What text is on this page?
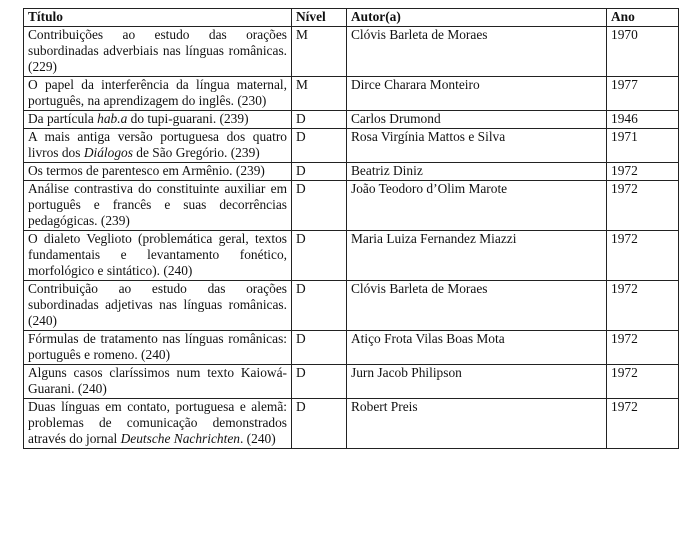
Título	Nível	Autor(a)	Ano
Contribuições ao estudo das orações subordinadas adverbiais nas línguas românicas. (229)	M	Clóvis Barleta de Moraes	1970
O papel da interferência da língua maternal, português, na aprendizagem do inglês. (230)	M	Dirce Charara Monteiro	1977
Da partícula hab.a do tupi-guarani. (239)	D	Carlos Drumond	1946
A mais antiga versão portuguesa dos quatro livros dos Diálogos de São Gregório. (239)	D	Rosa Virgínia Mattos e Silva	1971
Os termos de parentesco em Armênio. (239)	D	Beatriz Diniz	1972
Análise contrastiva do constituinte auxiliar em português e francês e suas decorrências pedagógicas. (239)	D	João Teodoro d’Olim Marote	1972
O dialeto Veglioto (problemática geral, textos fundamentais e levantamento fonético, morfológico e sintático). (240)	D	Maria Luiza Fernandez Miazzi	1972
Contribuição ao estudo das orações subordinadas adjetivas nas línguas românicas. (240)	D	Clóvis Barleta de Moraes	1972
Fórmulas de tratamento nas línguas românicas: português e romeno. (240)	D	Atiço Frota Vilas Boas Mota	1972
Alguns casos claríssimos num texto Kaiowá-Guarani. (240)	D	Jurn Jacob Philipson	1972
Duas línguas em contato, portuguesa e alemã: problemas de comunicação demonstrados através do jornal Deutsche Nachrichten. (240)	D	Robert Preis	1972
